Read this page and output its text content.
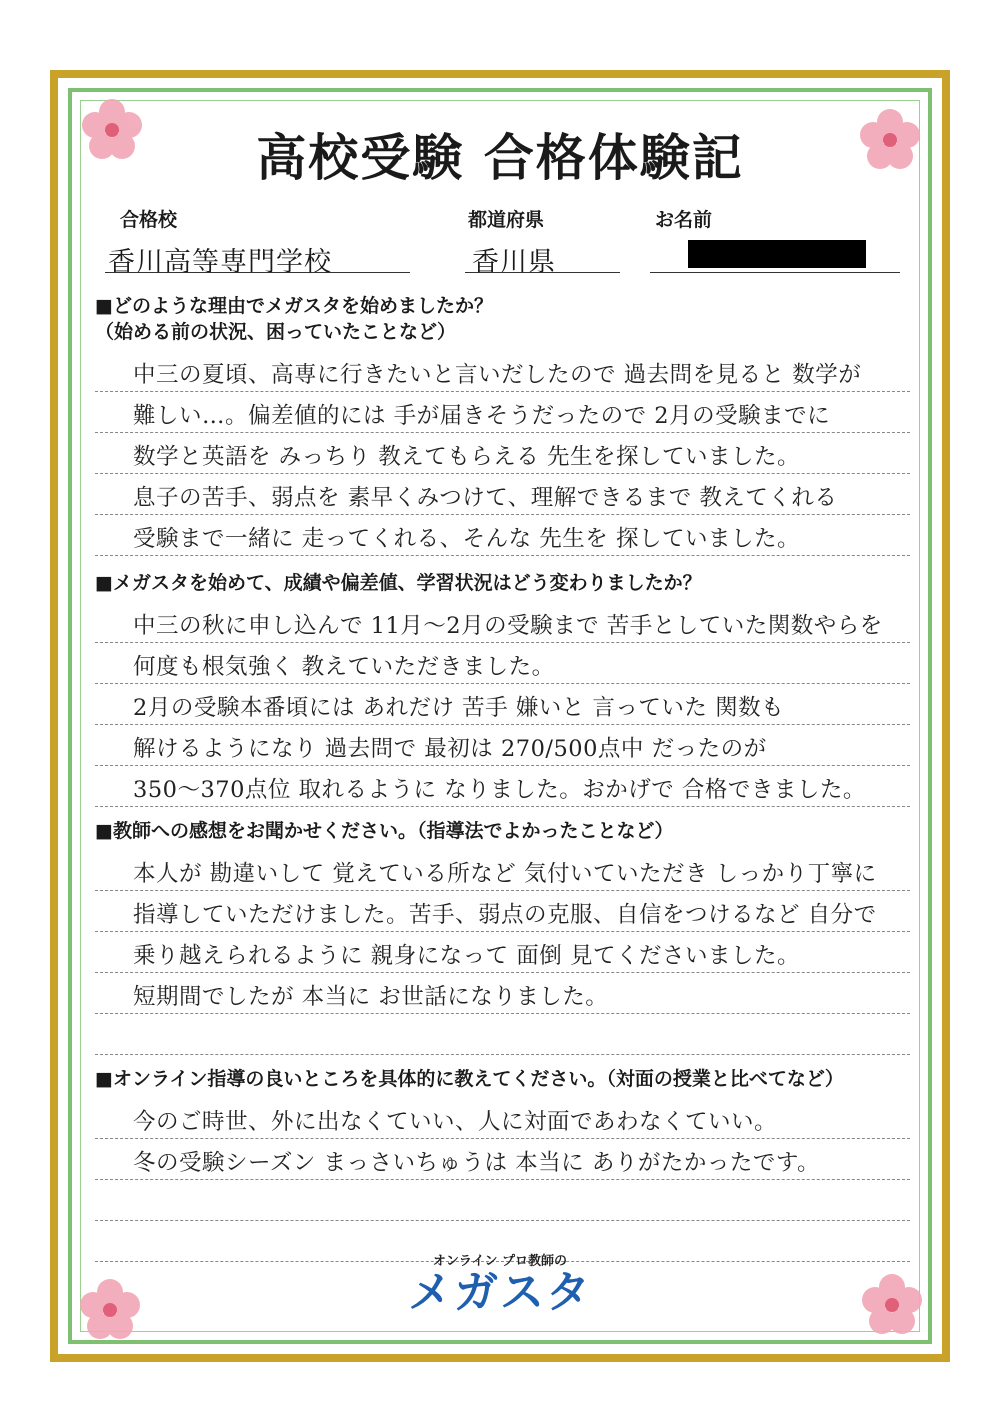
高校受験 合格体験記
合格校
香川高等専門学校
都道府県
香川県
お名前
■どのような理由でメガスタを始めましたか？
（始める前の状況、困っていたことなど）
中三の夏頃、高専に行きたいと言いだしたので 過去問を見ると 数学が
難しい…。偏差値的には 手が届きそうだったので 2月の受験までに
数学と英語を みっちり 教えてもらえる 先生を探していました。
息子の苦手、弱点を 素早くみつけて、理解できるまで 教えてくれる
受験まで一緒に 走ってくれる、そんな 先生を 探していました。
■メガスタを始めて、成績や偏差値、学習状況はどう変わりましたか？
中三の秋に申し込んで 11月～2月の受験まで 苦手としていた関数やらを
何度も根気強く 教えていただきました。
2月の受験本番頃には あれだけ 苦手 嫌いと 言っていた 関数も
解けるようになり 過去問で 最初は 270/500点中 だったのが
350～370点位 取れるように なりました。おかげで 合格できました。
■教師への感想をお聞かせください。（指導法でよかったことなど）
本人が 勘違いして 覚えている所など 気付いていただき しっかり丁寧に
指導していただけました。苦手、弱点の克服、自信をつけるなど 自分で
乗り越えられるように 親身になって 面倒 見てくださいました。
短期間でしたが 本当に お世話になりました。
■オンライン指導の良いところを具体的に教えてください。（対面の授業と比べてなど）
今のご時世、外に出なくていい、人に対面であわなくていい。
冬の受験シーズン まっさいちゅうは 本当に ありがたかったです。
オンライン プロ教師の
メガスタ
